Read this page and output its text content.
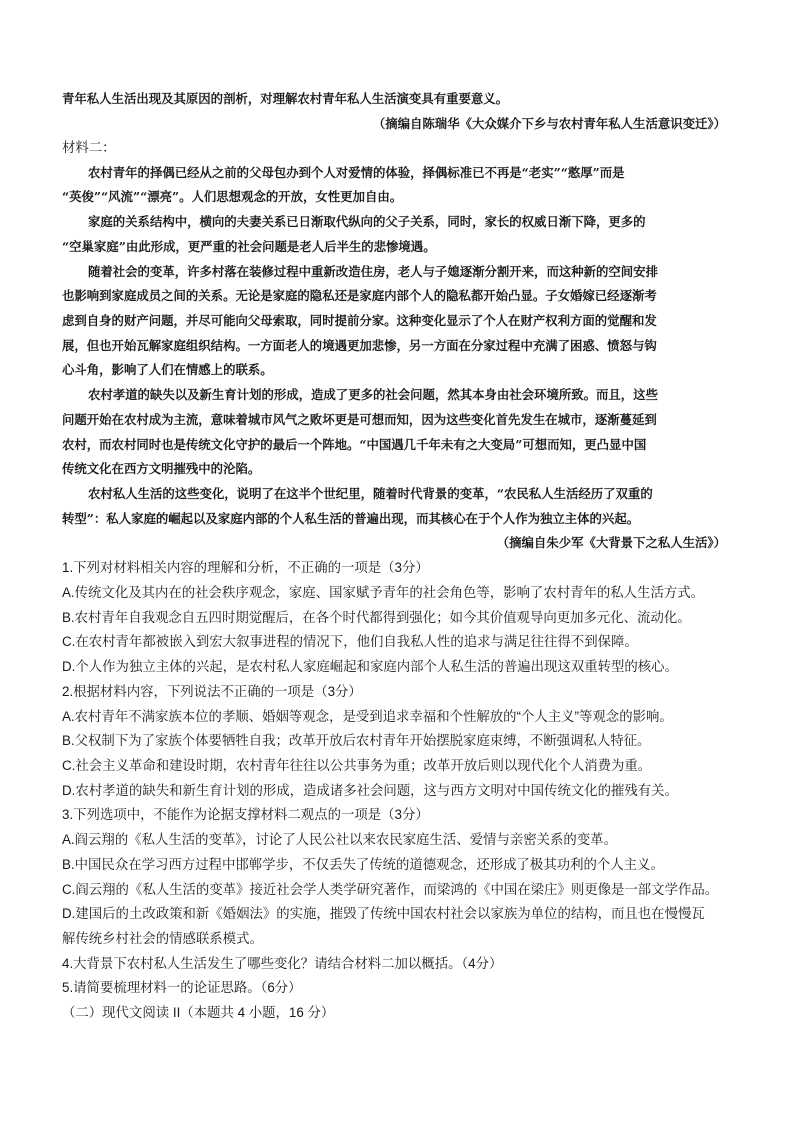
青年私人生活出现及其原因的剖析，对理解农村青年私人生活演变具有重要意义。
（摘编自陈瑞华《大众媒介下乡与农村青年私人生活意识变迁》）
材料二：
农村青年的择偶已经从之前的父母包办到个人对爱情的体验，择偶标准已不再是“老实”“憨厚”而是
“英俊”“风流”“漂亮”。人们思想观念的开放，女性更加自由。
家庭的关系结构中，横向的夫妻关系已日渐取代纵向的父子关系，同时，家长的权威日渐下降，更多的
“空巢家庭”由此形成，更严重的社会问题是老人后半生的悲惨境遇。
随着社会的变革，许多村落在装修过程中重新改造住房，老人与子媳逐渐分割开来，而这种新的空间安排
也影响到家庭成员之间的关系。无论是家庭的隐私还是家庭内部个人的隐私都开始凸显。子女婚嫁已经逐渐考
虑到自身的财产问题，并尽可能向父母索取，同时提前分家。这种变化显示了个人在财产权利方面的觉醒和发
展，但也开始瓦解家庭组织结构。一方面老人的境遇更加悲惨，另一方面在分家过程中充满了困惑、愤怒与钩
心斗角，影响了人们在情感上的联系。
农村孝道的缺失以及新生育计划的形成，造成了更多的社会问题，然其本身由社会环境所致。而且，这些
问题开始在农村成为主流，意味着城市风气之败坏更是可想而知，因为这些变化首先发生在城市，逐渐蔓延到
农村，而农村同时也是传统文化守护的最后一个阵地。“中国遇几千年未有之大变局”可想而知，更凸显中国
传统文化在西方文明摧残中的沦陷。
农村私人生活的这些变化，说明了在这半个世纪里，随着时代背景的变革，“农民私人生活经历了双重的
转型”：私人家庭的崛起以及家庭内部的个人私生活的普遍出现，而其核心在于个人作为独立主体的兴起。
（摘编自朱少军《大背景下之私人生活》）
1.下列对材料相关内容的理解和分析，不正确的一项是（3分）
A.传统文化及其内在的社会秩序观念，家庭、国家赋予青年的社会角色等，影响了农村青年的私人生活方式。
B.农村青年自我观念自五四时期觉醒后，在各个时代都得到强化；如今其价值观导向更加多元化、流动化。
C.在农村青年都被嵌入到宏大叙事进程的情况下，他们自我私人性的追求与满足往往得不到保障。
D.个人作为独立主体的兴起，是农村私人家庭崛起和家庭内部个人私生活的普遍出现这双重转型的核心。
2.根据材料内容，下列说法不正确的一项是（3分）
A.农村青年不满家族本位的孝顺、婚姻等观念，是受到追求幸福和个性解放的“个人主义”等观念的影响。
B.父权制下为了家族个体要牺牲自我；改革开放后农村青年开始摆脱家庭束缚，不断强调私人特征。
C.社会主义革命和建设时期，农村青年往往以公共事务为重；改革开放后则以现代化个人消费为重。
D.农村孝道的缺失和新生育计划的形成，造成诸多社会问题，这与西方文明对中国传统文化的摧残有关。
3.下列选项中，不能作为论据支撑材料二观点的一项是（3分）
A.阎云翔的《私人生活的变革》，讨论了人民公社以来农民家庭生活、爱情与亲密关系的变革。
B.中国民众在学习西方过程中邯郸学步，不仅丢失了传统的道德观念，还形成了极其功利的个人主义。
C.阎云翔的《私人生活的变革》接近社会学人类学研究著作，而梁鸿的《中国在梁庄》则更像是一部文学作品。
D.建国后的土改政策和新《婚姻法》的实施，摧毁了传统中国农村社会以家族为单位的结构，而且也在慢慢瓦
解传统乡村社会的情感联系模式。
4.大背景下农村私人生活发生了哪些变化？请结合材料二加以概括。（4分）
5.请简要梳理材料一的论证思路。（6分）
（二）现代文阅读 II（本题共 4 小题，16 分）
